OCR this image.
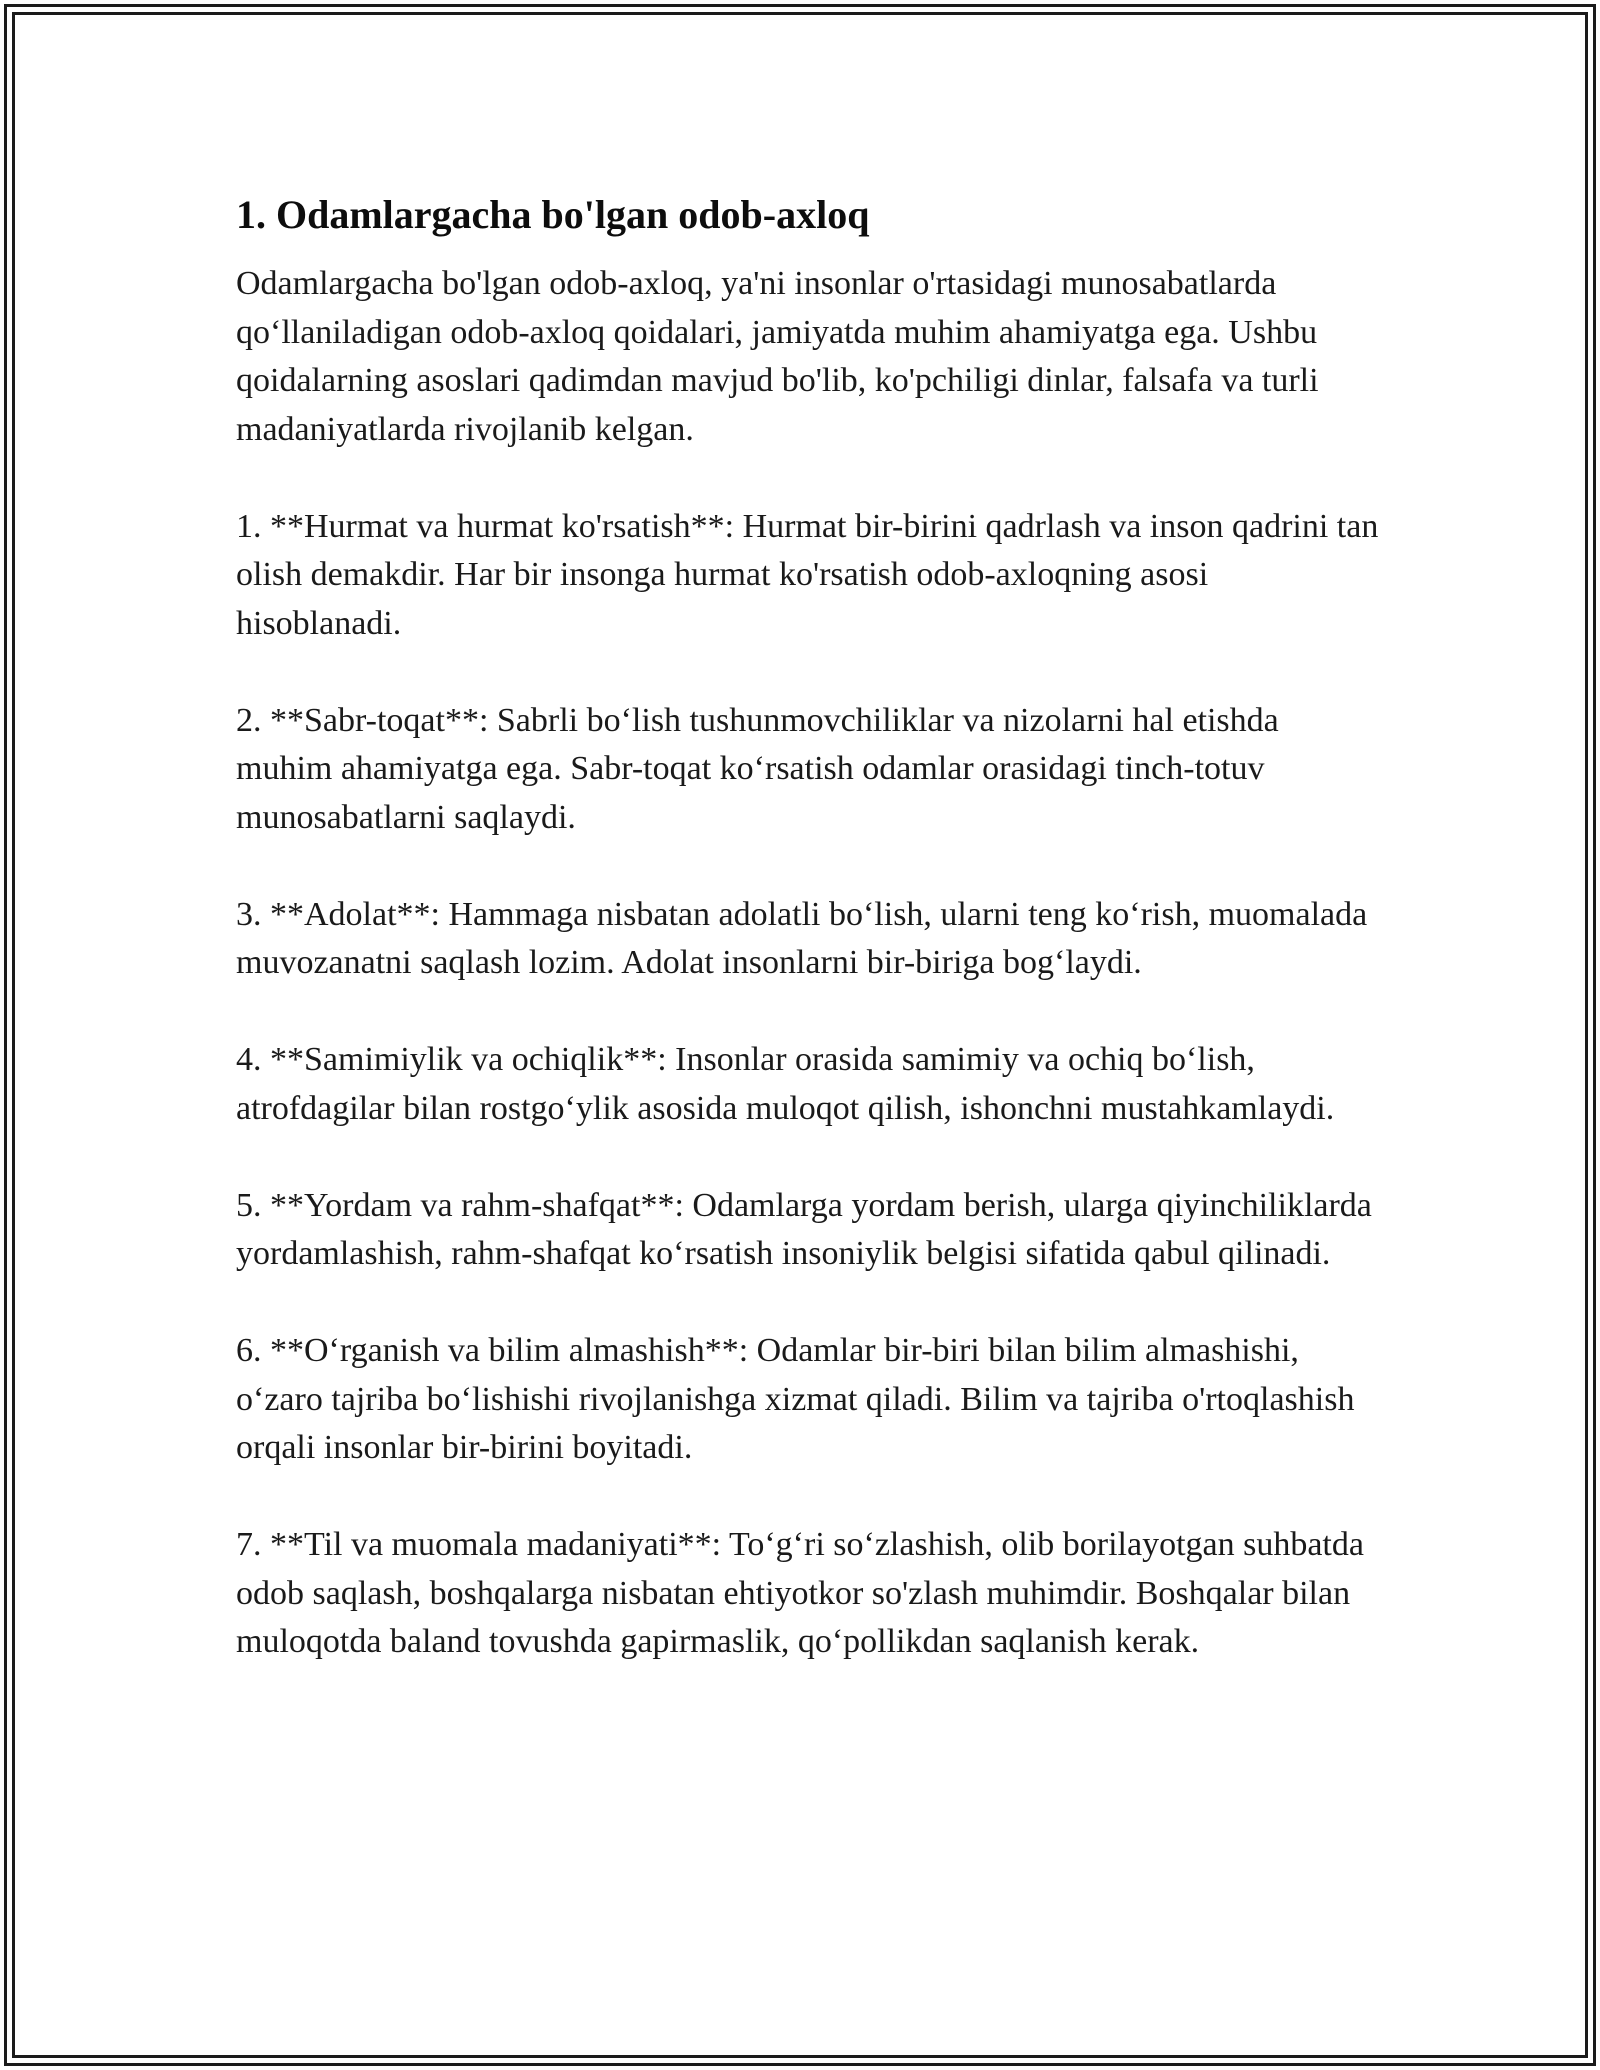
1. Odamlargacha bo'lgan odob-axloq

Odamlargacha bo'lgan odob-axloq, ya'ni insonlar o'rtasidagi munosabatlarda qo‘llaniladigan odob-axloq qoidalari, jamiyatda muhim ahamiyatga ega. Ushbu qoidalarning asoslari qadimdan mavjud bo'lib, ko'pchiligi dinlar, falsafa va turli madaniyatlarda rivojlanib kelgan.

1. **Hurmat va hurmat ko'rsatish**: Hurmat bir-birini qadrlash va inson qadrini tan olish demakdir. Har bir insonga hurmat ko'rsatish odob-axloqning asosi hisoblanadi.

2. **Sabr-toqat**: Sabrli bo‘lish tushunmovchiliklar va nizolarni hal etishda muhim ahamiyatga ega. Sabr-toqat ko‘rsatish odamlar orasidagi tinch-totuv munosabatlarni saqlaydi.

3. **Adolat**: Hammaga nisbatan adolatli bo‘lish, ularni teng ko‘rish, muomalada muvozanatni saqlash lozim. Adolat insonlarni bir-biriga bog‘laydi.

4. **Samimiylik va ochiqlik**: Insonlar orasida samimiy va ochiq bo‘lish, atrofdagilar bilan rostgo‘ylik asosida muloqot qilish, ishonchni mustahkamlaydi.

5. **Yordam va rahm-shafqat**: Odamlarga yordam berish, ularga qiyinchiliklarda yordamlashish, rahm-shafqat ko‘rsatish insoniylik belgisi sifatida qabul qilinadi.

6. **O‘rganish va bilim almashish**: Odamlar bir-biri bilan bilim almashishi, o‘zaro tajriba bo‘lishishi rivojlanishga xizmat qiladi. Bilim va tajriba o'rtoqlashish orqali insonlar bir-birini boyitadi.

7. **Til va muomala madaniyati**: To‘g‘ri so‘zlashish, olib borilayotgan suhbatda odob saqlash, boshqalarga nisbatan ehtiyotkor so'zlash muhimdir. Boshqalar bilan muloqotda baland tovushda gapirmaslik, qo‘pollikdan saqlanish kerak.
